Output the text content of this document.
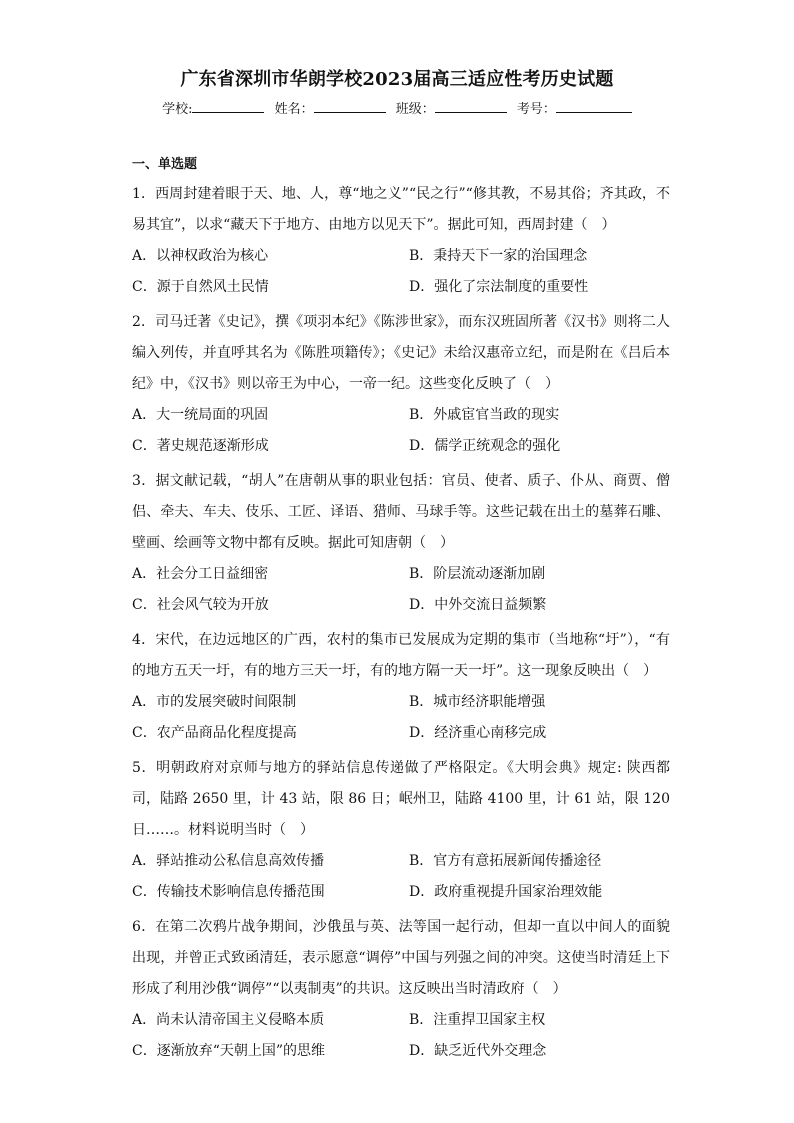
广东省深圳市华朗学校2023届高三适应性考历史试题
学校:	姓名：	班级：	考号：
一、单选题
1．西周封建着眼于天、地、人，尊“地之义”“民之行”“修其教，不易其俗；齐其政，不易其宜”，以求“藏天下于地方、由地方以见天下”。据此可知，西周封建（　）
A．以神权政治为核心	B．秉持天下一家的治国理念
C．源于自然风土民情	D．强化了宗法制度的重要性
2．司马迁著《史记》，撰《项羽本纪》《陈涉世家》，而东汉班固所著《汉书》则将二人编入列传，并直呼其名为《陈胜项籍传》；《史记》未给汉惠帝立纪，而是附在《吕后本纪》中，《汉书》则以帝王为中心，一帝一纪。这些变化反映了（　）
A．大一统局面的巩固	B．外戚宦官当政的现实
C．著史规范逐渐形成	D．儒学正统观念的强化
3．据文献记载，“胡人”在唐朝从事的职业包括：官员、使者、质子、仆从、商贾、僧侣、牵夫、车夫、伎乐、工匠、译语、猎师、马球手等。这些记载在出土的墓葬石雕、壁画、绘画等文物中都有反映。据此可知唐朝（　）
A．社会分工日益细密	B．阶层流动逐渐加剧
C．社会风气较为开放	D．中外交流日益频繁
4．宋代，在边远地区的广西，农村的集市已发展成为定期的集市（当地称“圩”），“有的地方五天一圩，有的地方三天一圩，有的地方隔一天一圩”。这一现象反映出（　）
A．市的发展突破时间限制	B．城市经济职能增强
C．农产品商品化程度提高	D．经济重心南移完成
5．明朝政府对京师与地方的驿站信息传递做了严格限定。《大明会典》规定: 陕西都司，陆路 2650 里，计 43 站，限 86 日；岷州卫，陆路 4100 里，计 61 站，限 120 日……。材料说明当时（　）
A．驿站推动公私信息高效传播	B．官方有意拓展新闻传播途径
C．传输技术影响信息传播范围	D．政府重视提升国家治理效能
6．在第二次鸦片战争期间，沙俄虽与英、法等国一起行动，但却一直以中间人的面貌出现，并曾正式致函清廷，表示愿意“调停”中国与列强之间的冲突。这使当时清廷上下形成了利用沙俄“调停”“以夷制夷”的共识。这反映出当时清政府（　）
A．尚未认清帝国主义侵略本质	B．注重捍卫国家主权
C．逐渐放弃“天朝上国”的思维	D．缺乏近代外交理念
